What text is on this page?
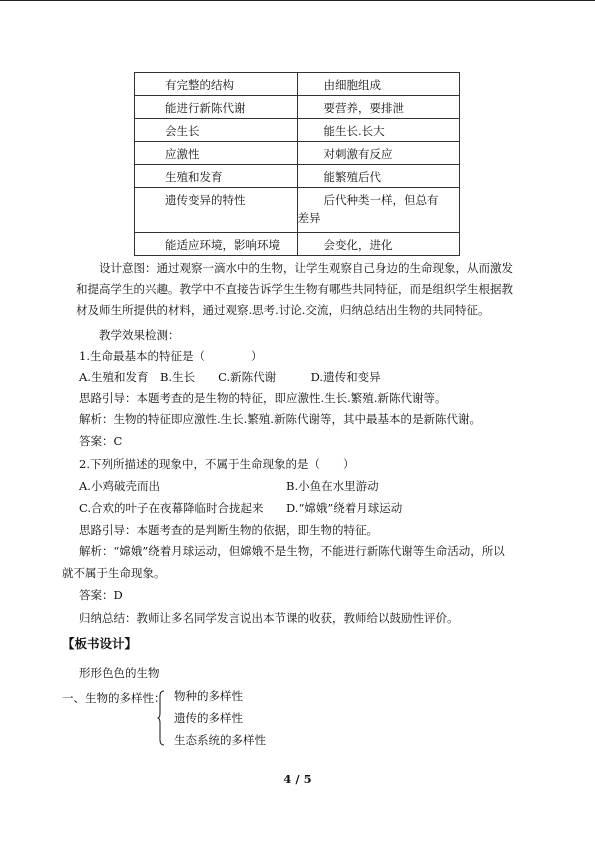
有完整的结构	由细胞组成
能进行新陈代谢	要营养，要排泄
会生长	能生长.长大
应激性	对刺激有反应
生殖和发育	能繁殖后代
遗传变异的特性	后代种类一样，但总有
差异

能适应环境，影响环境	会变化，进化
设计意图：通过观察一滴水中的生物，让学生观察自己身边的生命现象，从而激发和提高学生的兴趣。教学中不直接告诉学生生物有哪些共同特征，而是组织学生根据教材及师生所提供的材料，通过观察.思考.讨论.交流，归纳总结出生物的共同特征。
教学效果检测：
1.生命最基本的特征是（　　　　）
A.生殖和发育　B.生长　　C.新陈代谢　　　D.遗传和变异
思路引导：本题考查的是生物的特征，即应激性.生长.繁殖.新陈代谢等。
解析：生物的特征即应激性.生长.繁殖.新陈代谢等，其中最基本的是新陈代谢。
答案：C
2.下列所描述的现象中，不属于生命现象的是（　　）
A.小鸡破壳而出	B.小鱼在水里游动
C.合欢的叶子在夜幕降临时合拢起来 D.“嫦娥”绕着月球运动
思路引导：本题考查的是判断生物的依据，即生物的特征。
解析：“嫦娥”绕着月球运动，但嫦娥不是生物，不能进行新陈代谢等生命活动，所以
就不属于生命现象。
答案：D
归纳总结：教师让多名同学发言说出本节课的收获，教师给以鼓励性评价。
【板书设计】
形形色色的生物
一、生物的多样性： 物种的多样性
遗传的多样性
生态系统的多样性
4 / 5
